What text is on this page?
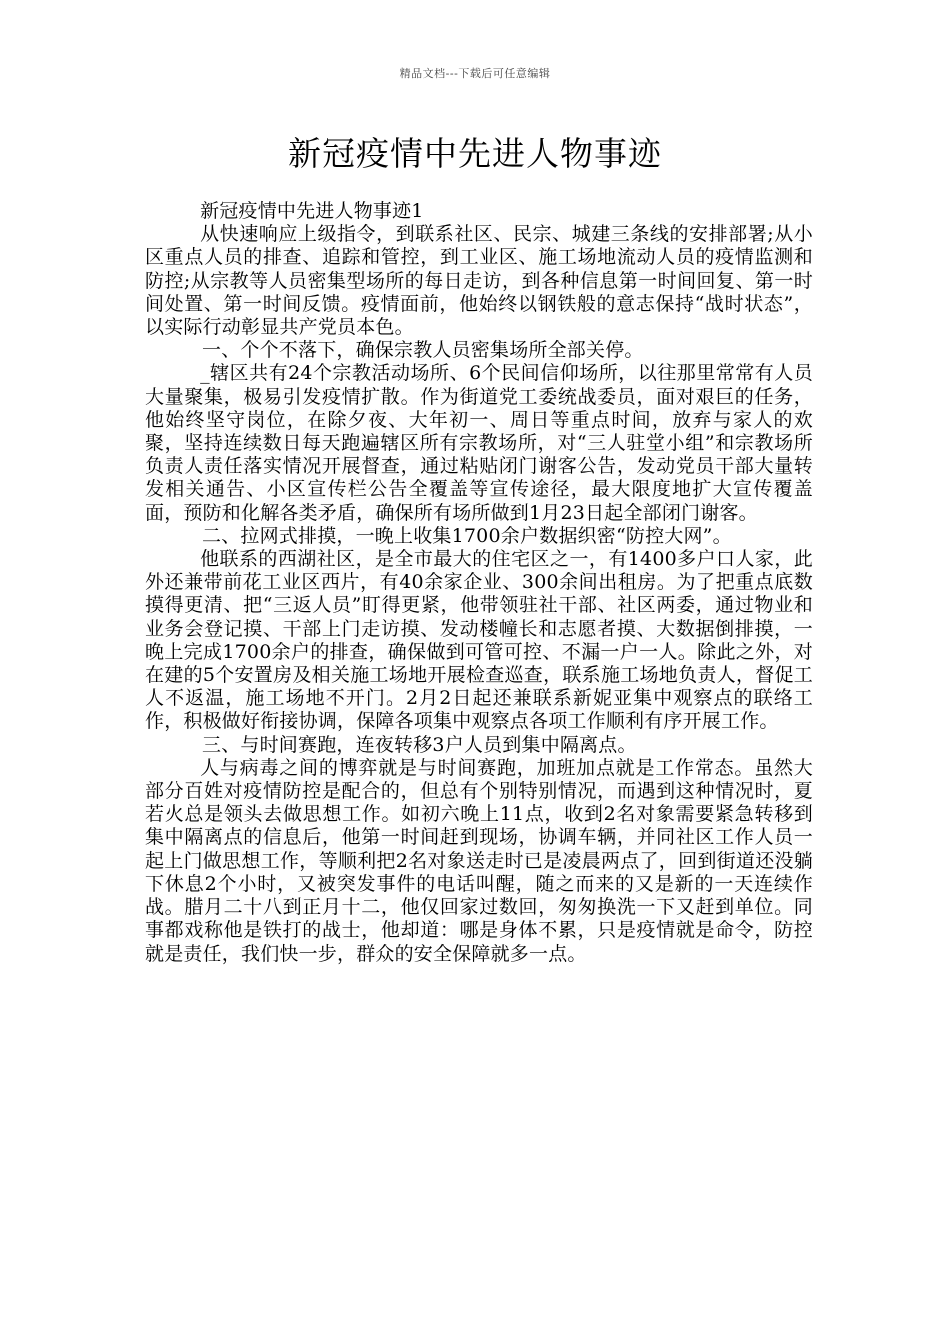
精品文档---下载后可任意编辑
新冠疫情中先进人物事迹

新冠疫情中先进人物事迹1

从快速响应上级指令，到联系社区、民宗、城建三条线的安排部署;从小区重点人员的排查、追踪和管控，到工业区、施工场地流动人员的疫情监测和防控;从宗教等人员密集型场所的每日走访，到各种信息第一时间回复、第一时间处置、第一时间反馈。疫情面前，他始终以钢铁般的意志保持“战时状态”，以实际行动彰显共产党员本色。

一、个个不落下，确保宗教人员密集场所全部关停。

_辖区共有24个宗教活动场所、6个民间信仰场所，以往那里常常有人员大量聚集，极易引发疫情扩散。作为街道党工委统战委员，面对艰巨的任务，他始终坚守岗位，在除夕夜、大年初一、周日等重点时间，放弃与家人的欢聚，坚持连续数日每天跑遍辖区所有宗教场所，对“三人驻堂小组”和宗教场所负责人责任落实情况开展督查，通过粘贴闭门谢客公告，发动党员干部大量转发相关通告、小区宣传栏公告全覆盖等宣传途径，最大限度地扩大宣传覆盖面，预防和化解各类矛盾，确保所有场所做到1月23日起全部闭门谢客。

二、拉网式排摸，一晚上收集1700余户数据织密“防控大网”。

他联系的西湖社区，是全市最大的住宅区之一，有1400多户口人家，此外还兼带前花工业区西片，有40余家企业、300余间出租房。为了把重点底数摸得更清、把“三返人员”盯得更紧，他带领驻社干部、社区两委，通过物业和业务会登记摸、干部上门走访摸、发动楼幢长和志愿者摸、大数据倒排摸，一晚上完成1700余户的排查，确保做到可管可控、不漏一户一人。除此之外，对在建的5个安置房及相关施工场地开展检查巡查，联系施工场地负责人，督促工人不返温，施工场地不开门。2月2日起还兼联系新妮亚集中观察点的联络工作，积极做好衔接协调，保障各项集中观察点各项工作顺利有序开展工作。

三、与时间赛跑，连夜转移3户人员到集中隔离点。

人与病毒之间的博弈就是与时间赛跑，加班加点就是工作常态。虽然大部分百姓对疫情防控是配合的，但总有个别特别情况，而遇到这种情况时，夏若火总是领头去做思想工作。如初六晚上11点，收到2名对象需要紧急转移到集中隔离点的信息后，他第一时间赶到现场，协调车辆，并同社区工作人员一起上门做思想工作，等顺利把2名对象送走时已是凌晨两点了，回到街道还没躺下休息2个小时，又被突发事件的电话叫醒，随之而来的又是新的一天连续作战。腊月二十八到正月十二，他仅回家过数回，匆匆换洗一下又赶到单位。同事都戏称他是铁打的战士，他却道：哪是身体不累，只是疫情就是命令，防控就是责任，我们快一步，群众的安全保障就多一点。
